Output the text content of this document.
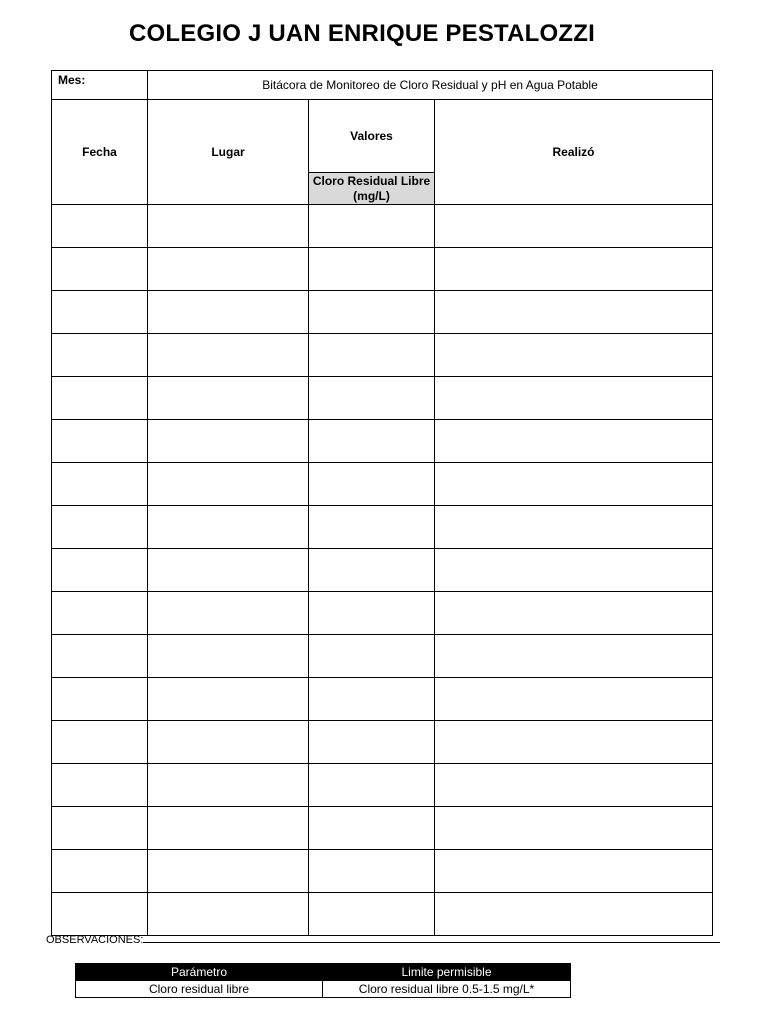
COLEGIO J UAN ENRIQUE PESTALOZZI
Mes:	Bitácora de Monitoreo de Cloro Residual y pH en Agua Potable		
Fecha	Lugar	Valores	Realizó
		Cloro Residual Libre
(mg/L)	

OBSERVACIONES:
Parámetro	Limite permisible
Cloro residual libre	Cloro residual libre 0.5-1.5 mg/L*
